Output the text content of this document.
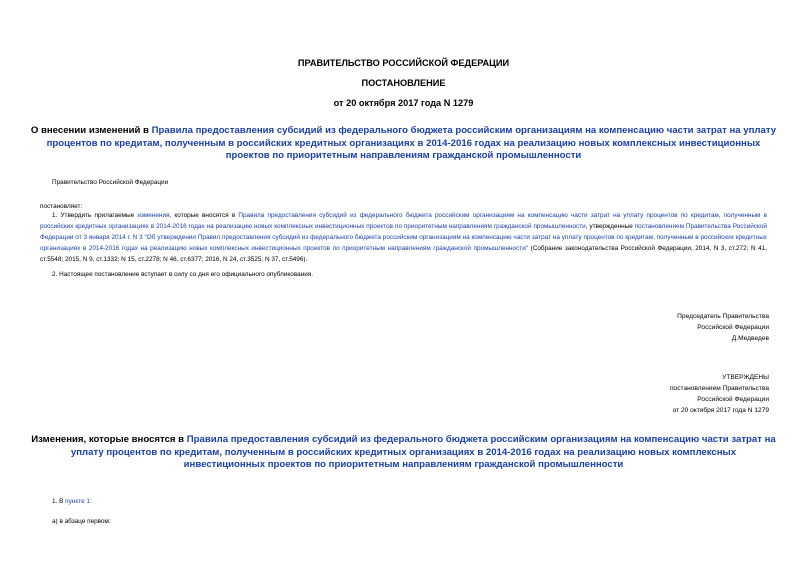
ПРАВИТЕЛЬСТВО РОССИЙСКОЙ ФЕДЕРАЦИИ
ПОСТАНОВЛЕНИЕ
от 20 октября 2017 года N 1279
О внесении изменений в Правила предоставления субсидий из федерального бюджета российским организациям на компенсацию части затрат на уплату процентов по кредитам, полученным в российских кредитных организациях в 2014-2016 годах на реализацию новых комплексных инвестиционных проектов по приоритетным направлениям гражданской промышленности
Правительство Российской Федерации
постановляет:
1. Утвердить прилагаемые изменения, которые вносятся в Правила предоставления субсидий из федерального бюджета российским организациям на компенсацию части затрат на уплату процентов по кредитам, полученным в российских кредитных организациях в 2014-2016 годах на реализацию новых комплексных инвестиционных проектов по приоритетным направлениям гражданской промышленности, утвержденные постановлением Правительства Российской Федерации от 3 января 2014 г. N 3 "Об утверждении Правил предоставления субсидий из федерального бюджета российским организациям на компенсацию части затрат на уплату процентов по кредитам, полученным в российских кредитных организациях в 2014-2016 годах на реализацию новых комплексных инвестиционных проектов по приоритетным направлениям гражданской промышленности" (Собрание законодательства Российской Федерации, 2014, N 3, ст.272; N 41, ст.5548; 2015, N 9, ст.1332; N 15, ст.2278; N 46, ст.6377; 2016, N 24, ст.3525; N 37, ст.5496).
2. Настоящее постановление вступает в силу со дня его официального опубликования.
Председатель Правительства
Российской Федерации
Д.Медведев
УТВЕРЖДЕНЫ
постановлением Правительства
Российской Федерации
от 20 октября 2017 года N 1279
Изменения, которые вносятся в Правила предоставления субсидий из федерального бюджета российским организациям на компенсацию части затрат на уплату процентов по кредитам, полученным в российских кредитных организациях в 2014-2016 годах на реализацию новых комплексных инвестиционных проектов по приоритетным направлениям гражданской промышленности
1. В пункте 1:
а) в абзаце первом:
